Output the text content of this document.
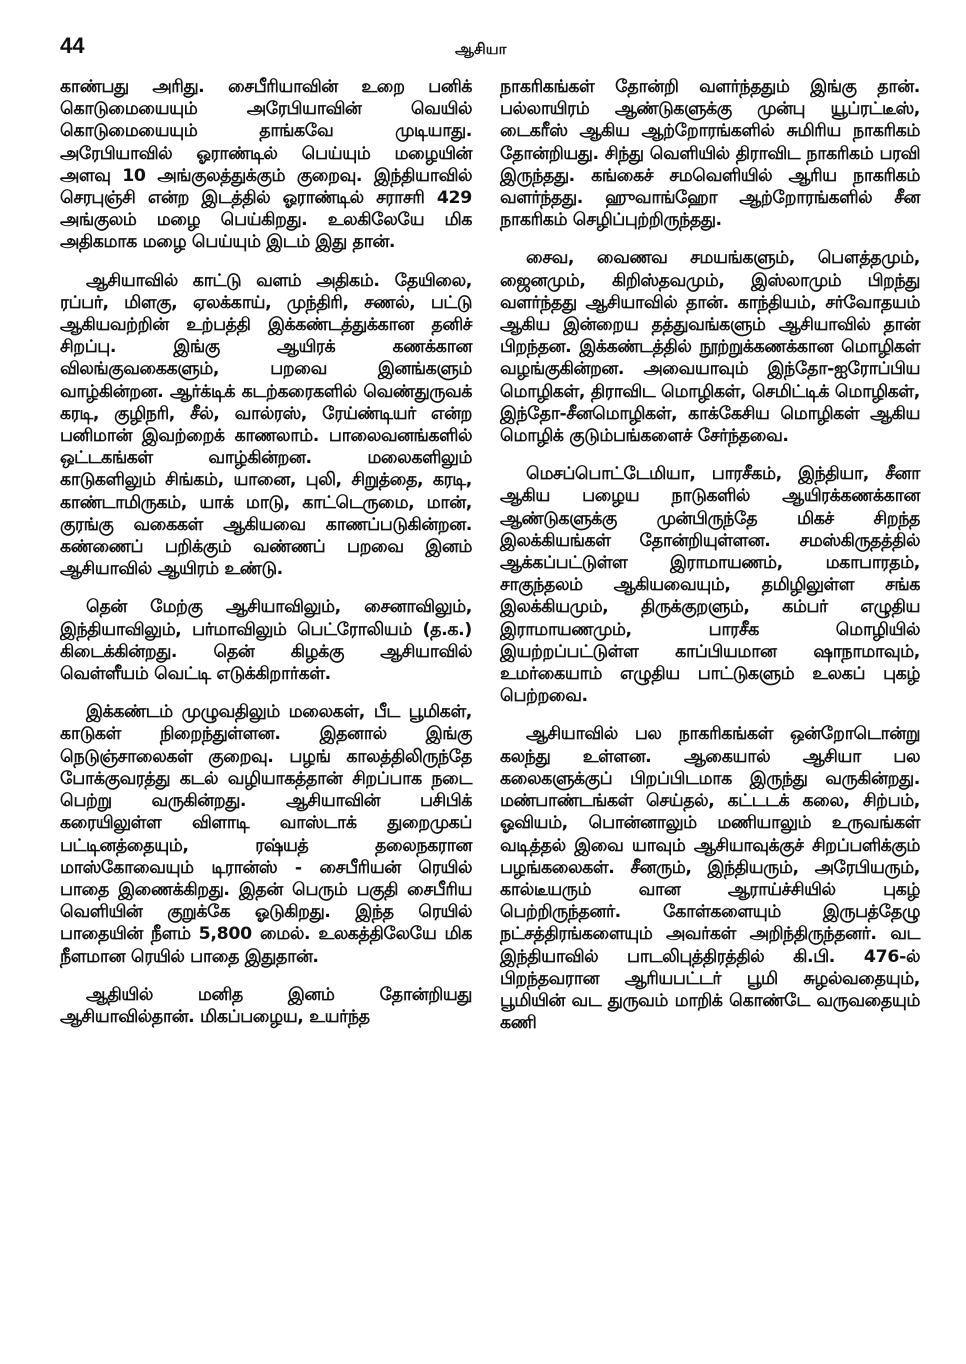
44	ஆசியா

காண்பது அரிது. சைபீரியாவின் உறை பனிக் கொடுமையையும் அரேபியாவின் வெயில் கொடுமையையும் தாங்கவே முடியாது. அரேபியாவில் ஓராண்டில் பெய்யும் மழையின் அளவு 10 அங்குலத்துக்கும் குறைவு. இந்தியாவில் செரபுஞ்சி என்ற இடத்தில் ஓராண்டில் சராசரி 429 அங்குலம் மழை பெய்கிறது. உலகிலேயே மிக அதிகமாக மழை பெய்யும் இடம் இது தான்.

ஆசியாவில் காட்டு வளம் அதிகம். தேயிலை, ரப்பர், மிளகு, ஏலக்காய், முந்திரி, சணல், பட்டு ஆகியவற்றின் உற்பத்தி இக்கண்டத்துக்கான தனிச் சிறப்பு. இங்கு ஆயிரக் கணக்கான விலங்குவகைகளும், பறவை இனங்களும் வாழ்கின்றன. ஆர்க்டிக் கடற்கரைகளில் வெண்துருவக் கரடி, குழிநரி, சீல், வால்ரஸ், ரேய்ண்டியர் என்ற பனிமான் இவற்றைக் காணலாம். பாலைவனங்களில் ஒட்டகங்கள் வாழ்கின்றன. மலைகளிலும் காடுகளிலும் சிங்கம், யானை, புலி, சிறுத்தை, கரடி, காண்டாமிருகம், யாக் மாடு, காட்டெருமை, மான், குரங்கு வகைகள் ஆகியவை காணப்படுகின்றன. கண்ணைப் பறிக்கும் வண்ணப் பறவை இனம் ஆசியாவில் ஆயிரம் உண்டு.

தென் மேற்கு ஆசியாவிலும், சைனாவிலும், இந்தியாவிலும், பர்மாவிலும் பெட்ரோலியம் (த.க.) கிடைக்கின்றது. தென் கிழக்கு ஆசியாவில் வெள்ளீயம் வெட்டி எடுக்கிறார்கள்.

இக்கண்டம் முழுவதிலும் மலைகள், பீட பூமிகள், காடுகள் நிறைந்துள்ளன. இதனால் இங்கு நெடுஞ்சாலைகள் குறைவு. பழங் காலத்திலிருந்தே போக்குவரத்து கடல் வழியாகத்தான் சிறப்பாக நடை பெற்று வருகின்றது. ஆசியாவின் பசிபிக் கரையிலுள்ள விளாடி வாஸ்டாக் துறைமுகப் பட்டினத்தையும், ரஷ்யத் தலைநகரான மாஸ்கோவையும் டிரான்ஸ் - சைபீரியன் ரெயில் பாதை இணைக்கிறது. இதன் பெரும் பகுதி சைபீரிய வெளியின் குறுக்கே ஓடுகிறது. இந்த ரெயில் பாதையின் நீளம் 5,800 மைல். உலகத்திலேயே மிக நீளமான ரெயில் பாதை இதுதான்.

ஆதியில் மனித இனம் தோன்றியது ஆசியாவில்தான். மிகப்பழைய, உயர்ந்த

நாகரிகங்கள் தோன்றி வளர்ந்ததும் இங்கு தான். பல்லாயிரம் ஆண்டுகளுக்கு முன்பு யூப்ரட்டீஸ், டைகரீஸ் ஆகிய ஆற்றோரங்களில் சுமிரிய நாகரிகம் தோன்றியது. சிந்து வெளியில் திராவிட நாகரிகம் பரவி இருந்தது. கங்கைச் சமவெளியில் ஆரிய நாகரிகம் வளர்ந்தது. ஹுவாங்ஹோ ஆற்றோரங்களில் சீன நாகரிகம் செழிப்புற்றிருந்தது.

சைவ, வைணவ சமயங்களும், பௌத்தமும், ஜைனமும், கிறிஸ்தவமும், இஸ்லாமும் பிறந்து வளர்ந்தது ஆசியாவில் தான். காந்தியம், சர்வோதயம் ஆகிய இன்றைய தத்துவங்களும் ஆசியாவில் தான் பிறந்தன. இக்கண்டத்தில் நூற்றுக்கணக்கான மொழிகள் வழங்குகின்றன. அவையாவும் இந்தோ-ஐரோப்பிய மொழிகள், திராவிட மொழிகள், செமிட்டிக் மொழிகள், இந்தோ-சீனமொழிகள், காக்கேசிய மொழிகள் ஆகிய மொழிக் குடும்பங்களைச் சேர்ந்தவை.

மெசப்பொட்டேமியா, பாரசீகம், இந்தியா, சீனா ஆகிய பழைய நாடுகளில் ஆயிரக்கணக்கான ஆண்டுகளுக்கு முன்பிருந்தே மிகச் சிறந்த இலக்கியங்கள் தோன்றியுள்ளன. சமஸ்கிருதத்தில் ஆக்கப்பட்டுள்ள இராமாயணம், மகாபாரதம், சாகுந்தலம் ஆகியவையும், தமிழிலுள்ள சங்க இலக்கியமும், திருக்குறளும், கம்பர் எழுதிய இராமாயணமும், பாரசீக மொழியில் இயற்றப்பட்டுள்ள காப்பியமான ஷாநாமாவும், உமர்கையாம் எழுதிய பாட்டுகளும் உலகப் புகழ் பெற்றவை.

ஆசியாவில் பல நாகரிகங்கள் ஒன்றோடொன்று கலந்து உள்ளன. ஆகையால் ஆசியா பல கலைகளுக்குப் பிறப்பிடமாக இருந்து வருகின்றது. மண்பாண்டங்கள் செய்தல், கட்டடக் கலை, சிற்பம், ஓவியம், பொன்னாலும் மணியாலும் உருவங்கள் வடித்தல் இவை யாவும் ஆசியாவுக்குச் சிறப்பளிக்கும் பழங்கலைகள். சீனரும், இந்தியரும், அரேபியரும், கால்டீயரும் வான ஆராய்ச்சியில் புகழ் பெற்றிருந்தனர். கோள்களையும் இருபத்தேழு நட்சத்திரங்களையும் அவர்கள் அறிந்திருந்தனர். வட இந்தியாவில் பாடலிபுத்திரத்தில் கி.பி. 476-ல் பிறந்தவரான ஆரியபட்டர் பூமி சுழல்வதையும், பூமியின் வட துருவம் மாறிக் கொண்டே வருவதையும் கணி
